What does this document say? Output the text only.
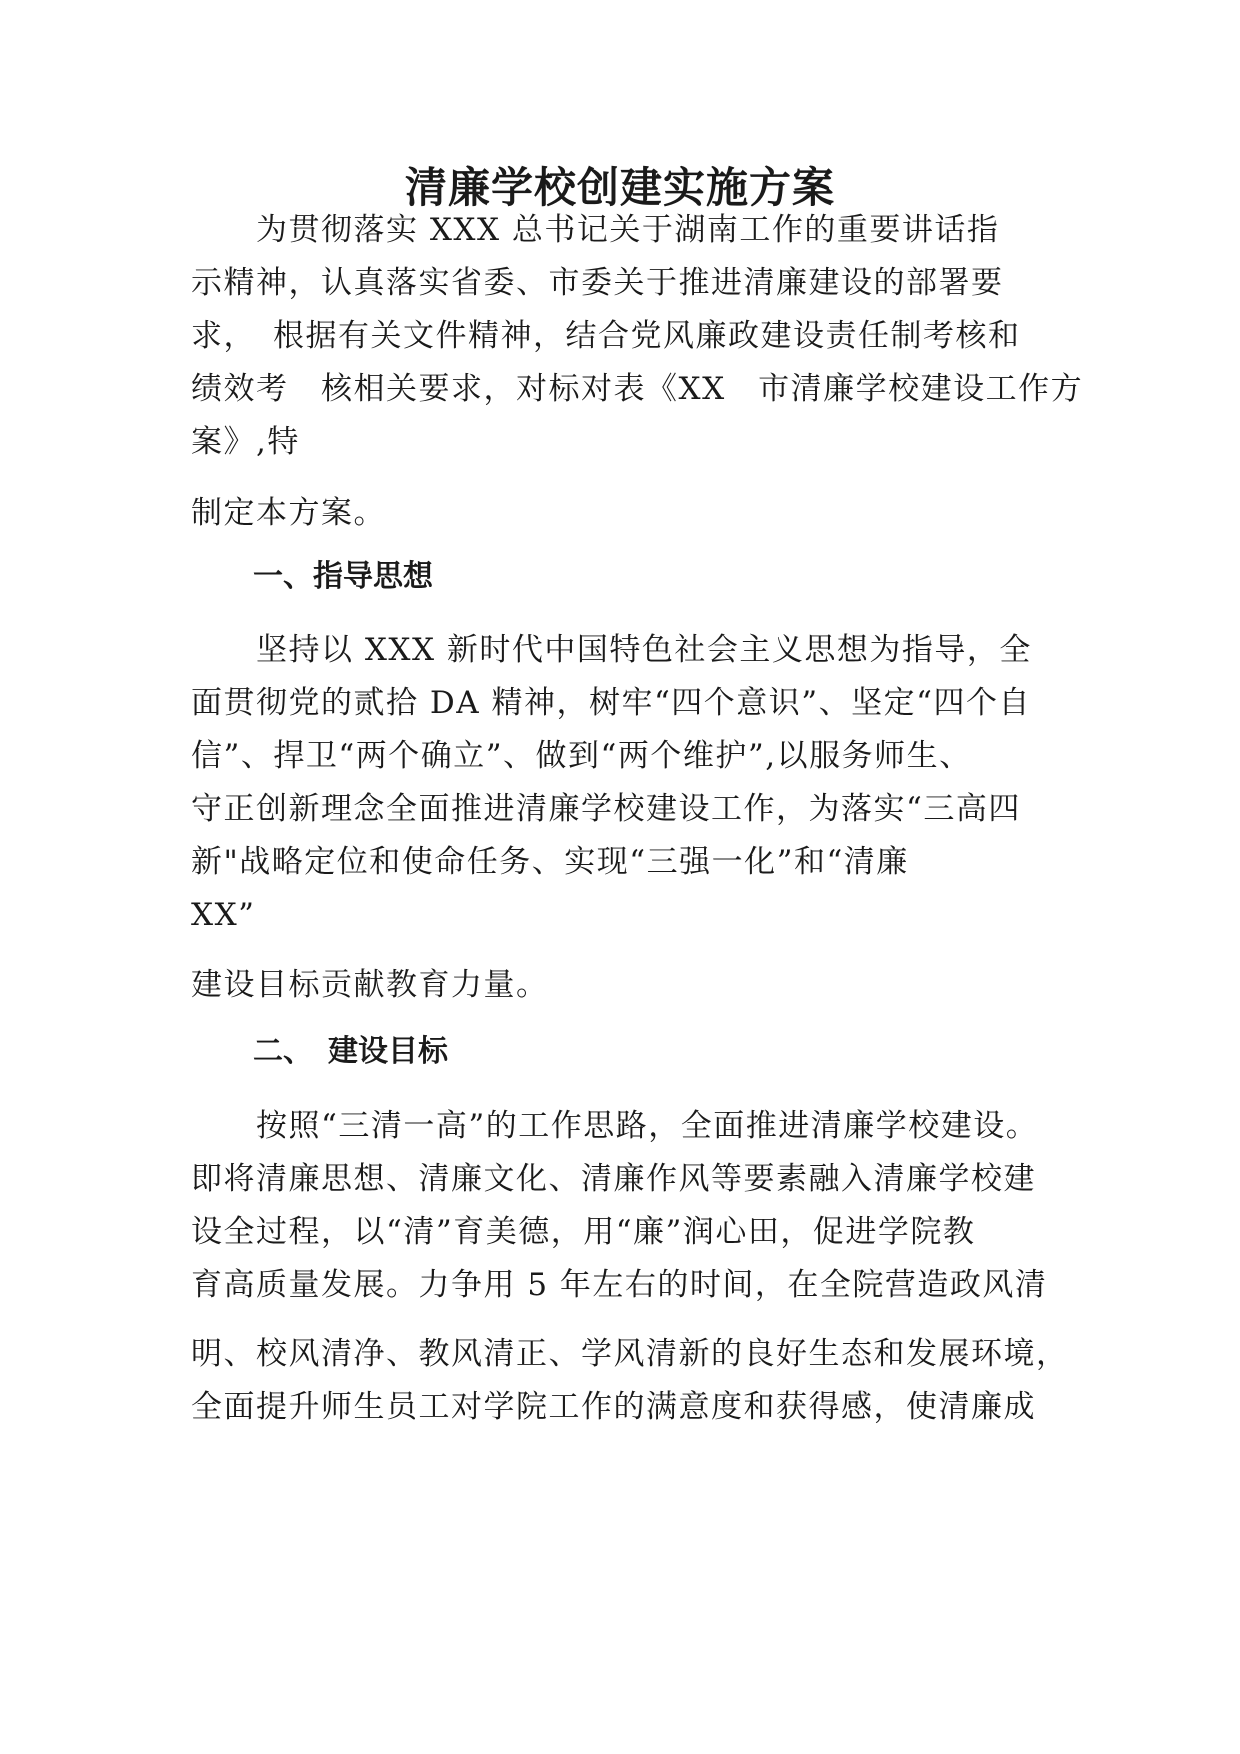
清廉学校创建实施方案
　　为贯彻落实 XXX 总书记关于湖南工作的重要讲话指
示精神，认真落实省委、市委关于推进清廉建设的部署要
求，　根据有关文件精神，结合党风廉政建设责任制考核和
绩效考　核相关要求，对标对表《XX　市清廉学校建设工作方
案》,特
制定本方案。
一、指导思想
　　坚持以 XXX 新时代中国特色社会主义思想为指导，全
面贯彻党的贰拾 DA 精神，树牢“四个意识”、坚定“四个自
信”、捍卫“两个确立”、做到“两个维护”,以服务师生、
守正创新理念全面推进清廉学校建设工作，为落实“三高四
新"战略定位和使命任务、实现“三强一化”和“清廉
XX”
建设目标贡献教育力量。
二、　建设目标
　　按照“三清一高”的工作思路，全面推进清廉学校建设。
即将清廉思想、清廉文化、清廉作风等要素融入清廉学校建
设全过程，以“清”育美德，用“廉”润心田，促进学院教
育高质量发展。力争用 5 年左右的时间，在全院营造政风清
明、校风清净、教风清正、学风清新的良好生态和发展环境，
全面提升师生员工对学院工作的满意度和获得感，使清廉成
